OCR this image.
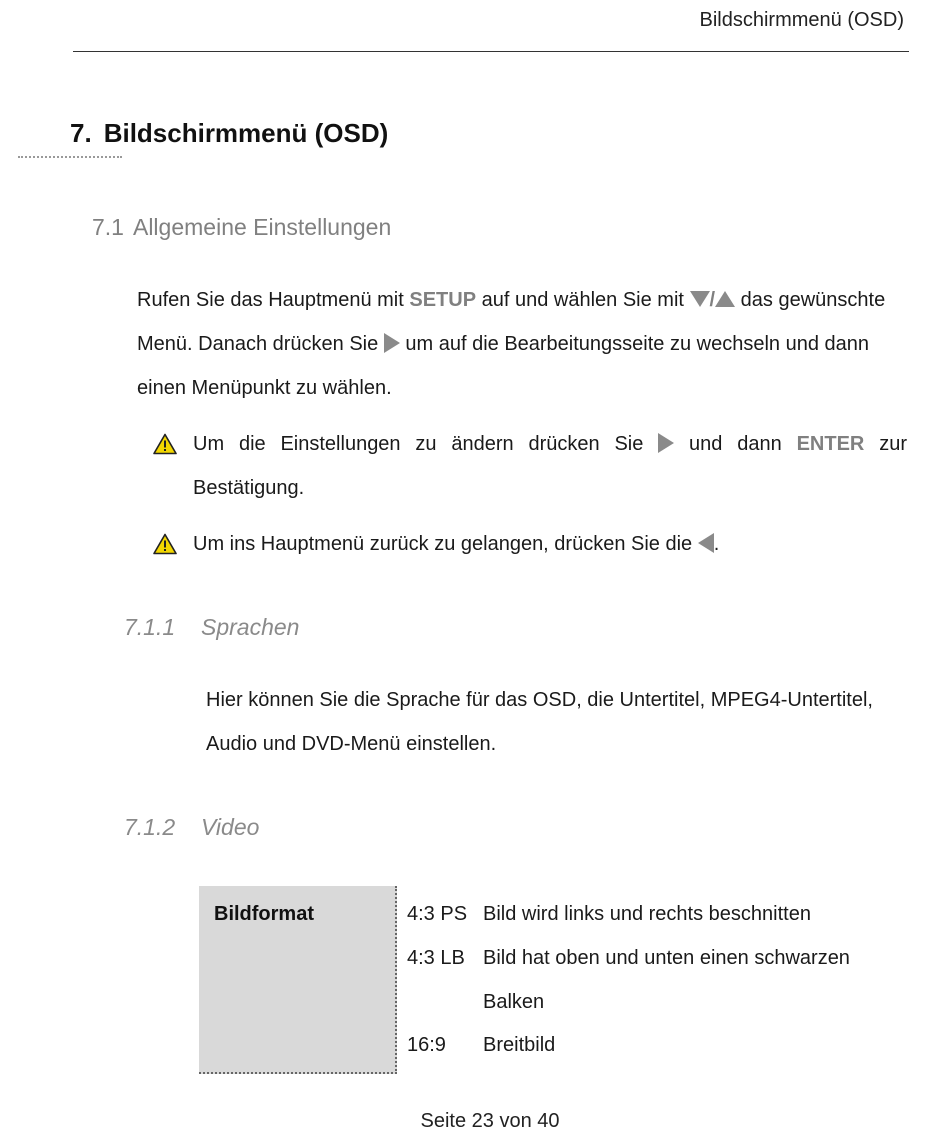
Bildschirmmenü (OSD)
7. Bildschirmmenü (OSD)
7.1 Allgemeine Einstellungen
Rufen Sie das Hauptmenü mit SETUP auf und wählen Sie mit / das gewünschte Menü. Danach drücken Sie  um auf die Bearbeitungsseite zu wechseln und dann einen Menüpunkt zu wählen.
Um die Einstellungen zu ändern drücken Sie  und dann ENTER zur Bestätigung.
Um ins Hauptmenü zurück zu gelangen, drücken Sie die .
7.1.1 Sprachen
Hier können Sie die Sprache für das OSD, die Untertitel, MPEG4-Untertitel, Audio und DVD-Menü einstellen.
7.1.2 Video
Bildformat	4:3 PS Bild wird links und rechts beschnitten
4:3 LB Bild hat oben und unten einen schwarzen Balken
16:9 Breitbild
Seite 23 von 40
